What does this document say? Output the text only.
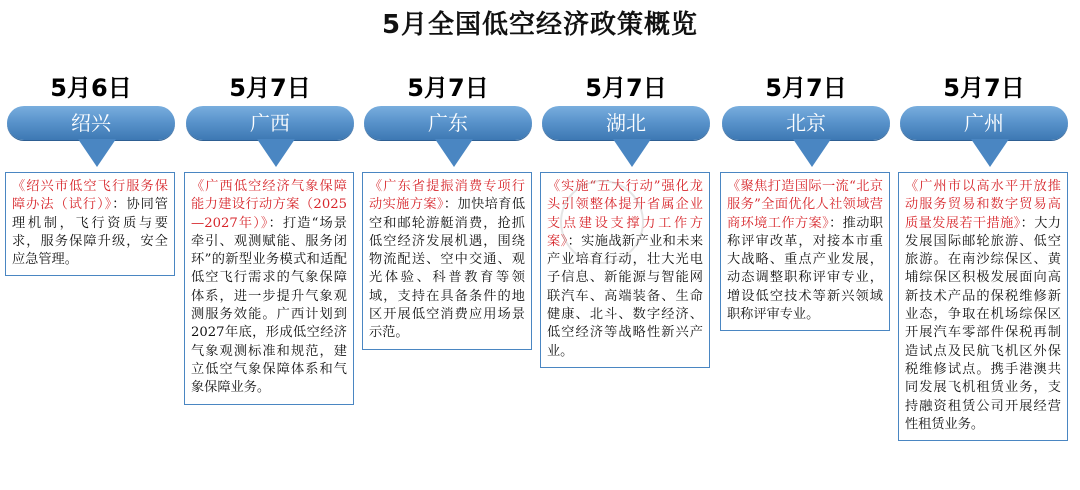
5月全国低空经济政策概览
5月6日
绍兴
《绍兴市低空飞行服务保障办法（试行）》：协同管理机制，飞行资质与要求，服务保障升级，安全应急管理。
5月7日
广西
《广西低空经济气象保障能力建设行动方案（2025—2027年）》：打造“场景牵引、观测赋能、服务闭环”的新型业务模式和适配低空飞行需求的气象保障体系，进一步提升气象观测服务效能。广西计划到2027年底，形成低空经济气象观测标准和规范，建立低空气象保障体系和气象保障业务。
5月7日
广东
《广东省提振消费专项行动实施方案》：加快培育低空和邮轮游艇消费，抢抓低空经济发展机遇，围绕物流配送、空中交通、观光体验、科普教育等领域，支持在具备条件的地区开展低空消费应用场景示范。
5月7日
湖北
《实施“五大行动”强化龙头引领整体提升省属企业支点建设支撑力工作方案》：实施战新产业和未来产业培育行动，壮大光电子信息、新能源与智能网联汽车、高端装备、生命健康、北斗、数字经济、低空经济等战略性新兴产业。
5月7日
北京
《聚焦打造国际一流“北京服务”全面优化人社领域营商环境工作方案》：推动职称评审改革，对接本市重大战略、重点产业发展，动态调整职称评审专业，增设低空技术等新兴领域职称评审专业。
5月7日
广州
《广州市以高水平开放推动服务贸易和数字贸易高质量发展若干措施》：大力发展国际邮轮旅游、低空旅游。在南沙综保区、黄埔综保区积极发展面向高新技术产品的保税维修新业态，争取在机场综保区开展汽车零部件保税再制造试点及民航飞机区外保税维修试点。携手港澳共同发展飞机租赁业务，支持融资租赁公司开展经营性租赁业务。
